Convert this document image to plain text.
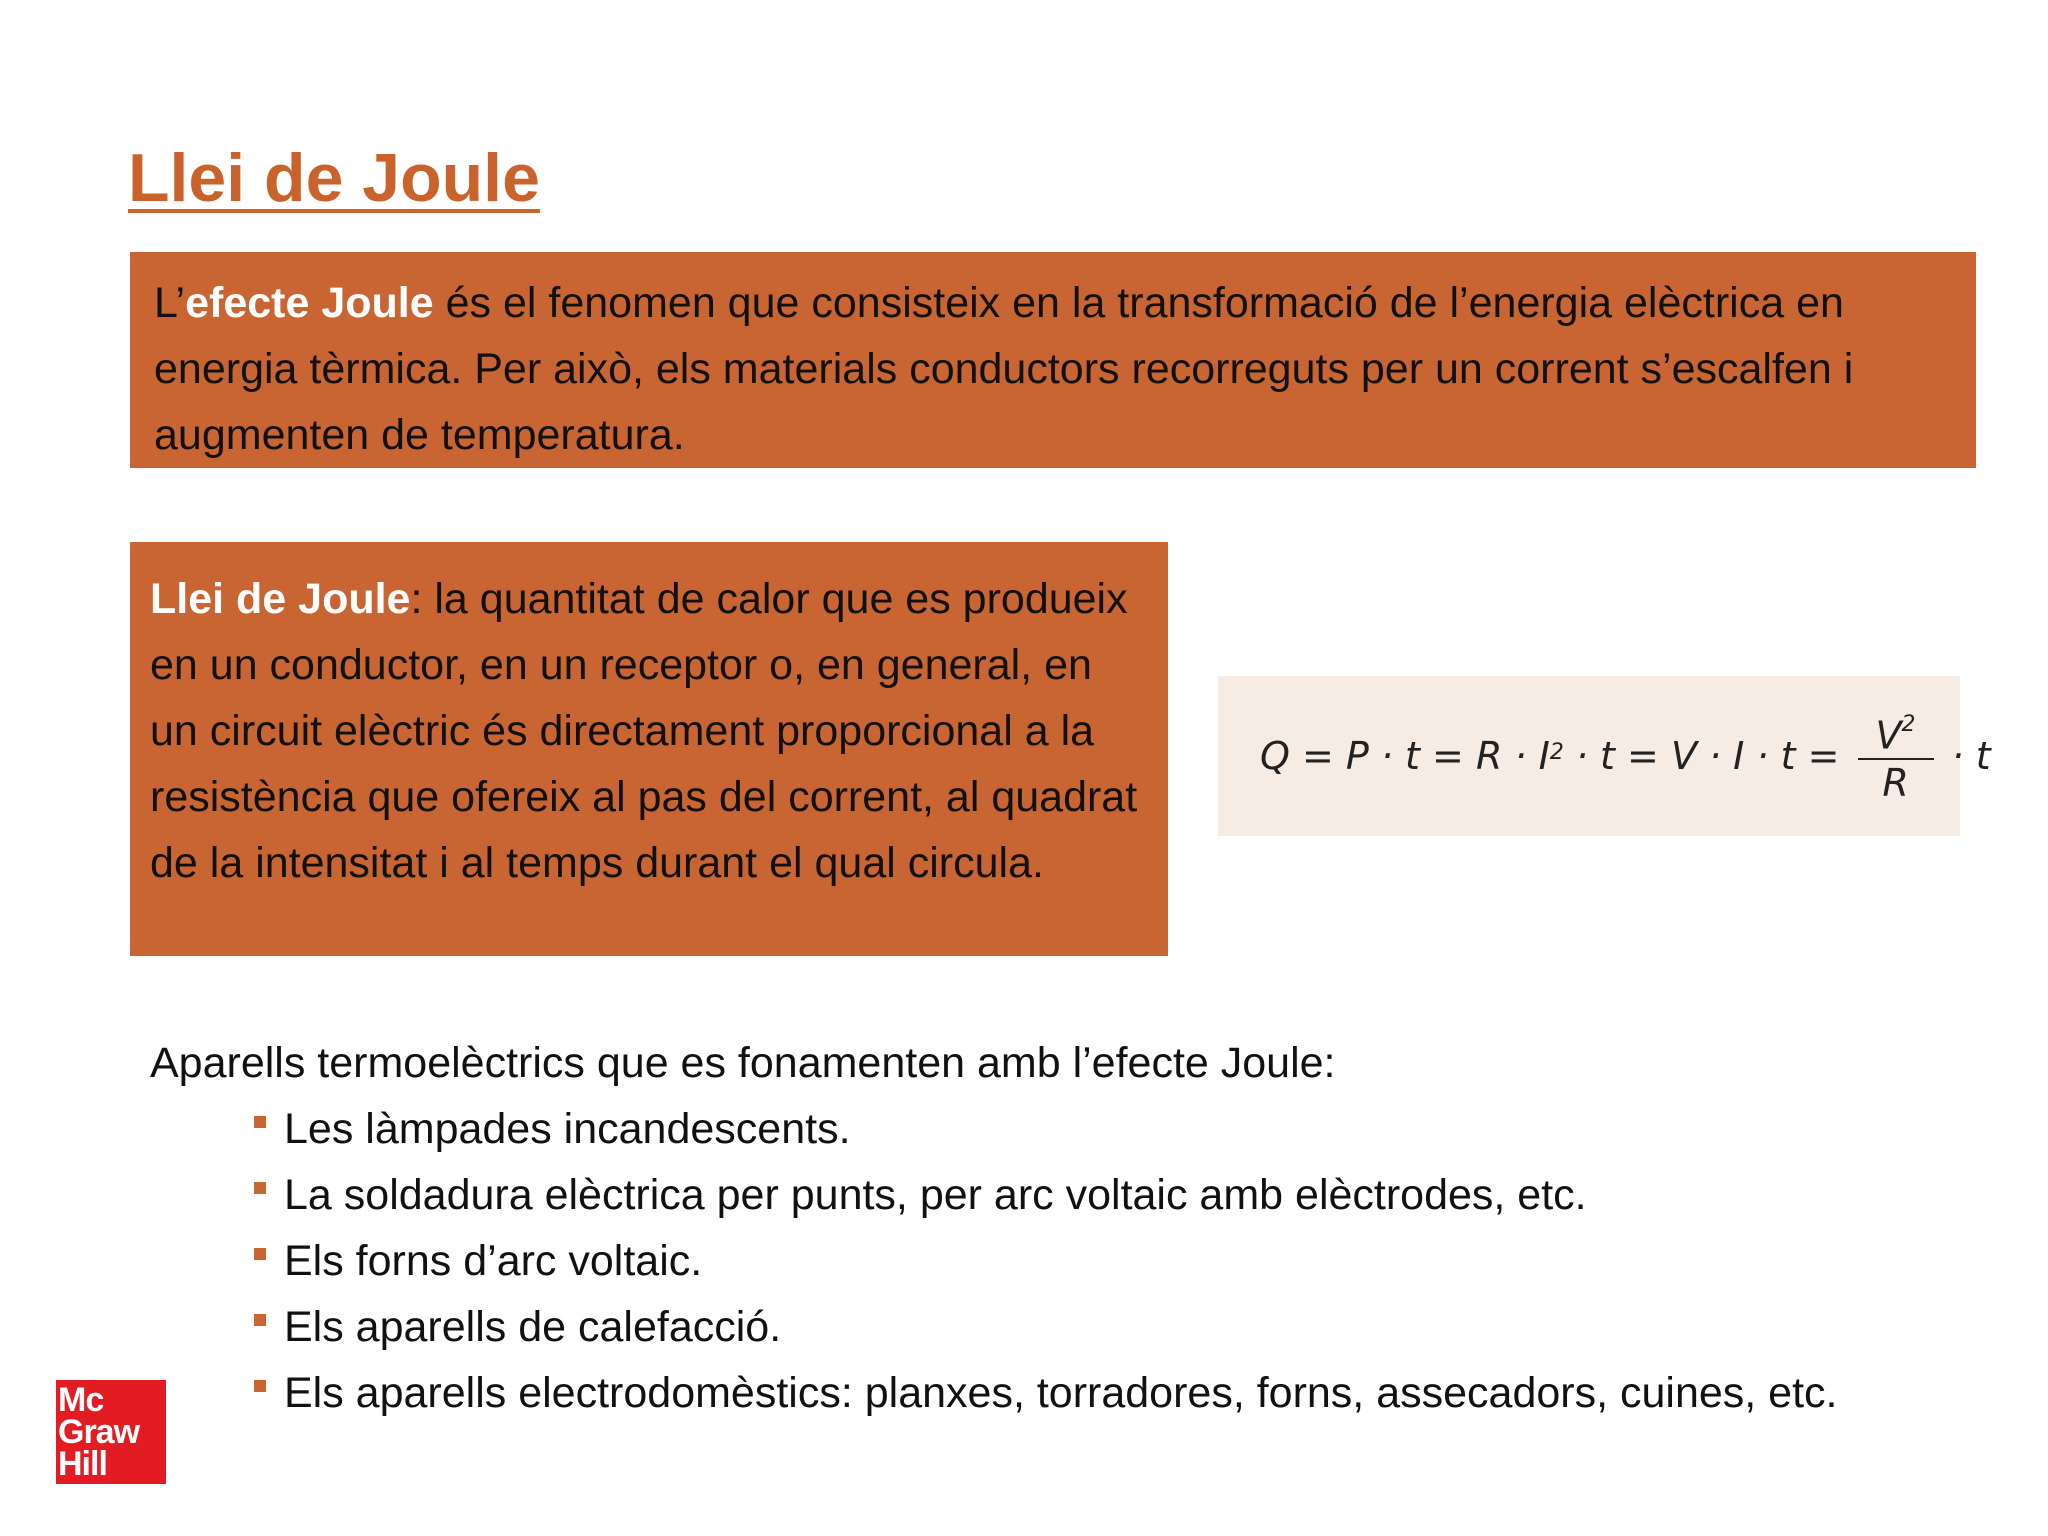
Llei de Joule
L’efecte Joule és el fenomen que consisteix en la transformació de l’energia elèctrica en energia tèrmica. Per això, els materials conductors recorreguts per un corrent s’escalfen i augmenten de temperatura.
Llei de Joule: la quantitat de calor que es produeix en un conductor, en un receptor o, en general, en un circuit elèctric és directament proporcional a la resistència que ofereix al pas del corrent, al quadrat de la intensitat i al temps durant el qual circula.
$Q = P \cdot t = R \cdot I^2 \cdot t = V \cdot I \cdot t = \frac{V^2}{R} \cdot t$

Aparells termoelèctrics que es fonamenten amb l’efecte Joule:

Les làmpades incandescents.
La soldadura elèctrica per punts, per arc voltaic amb elèctrodes, etc.
Els forns d’arc voltaic.
Els aparells de calefacció.
Els aparells electrodomèstics: planxes, torradores, forns, assecadors, cuines, etc.
Mc
Graw
Hill
